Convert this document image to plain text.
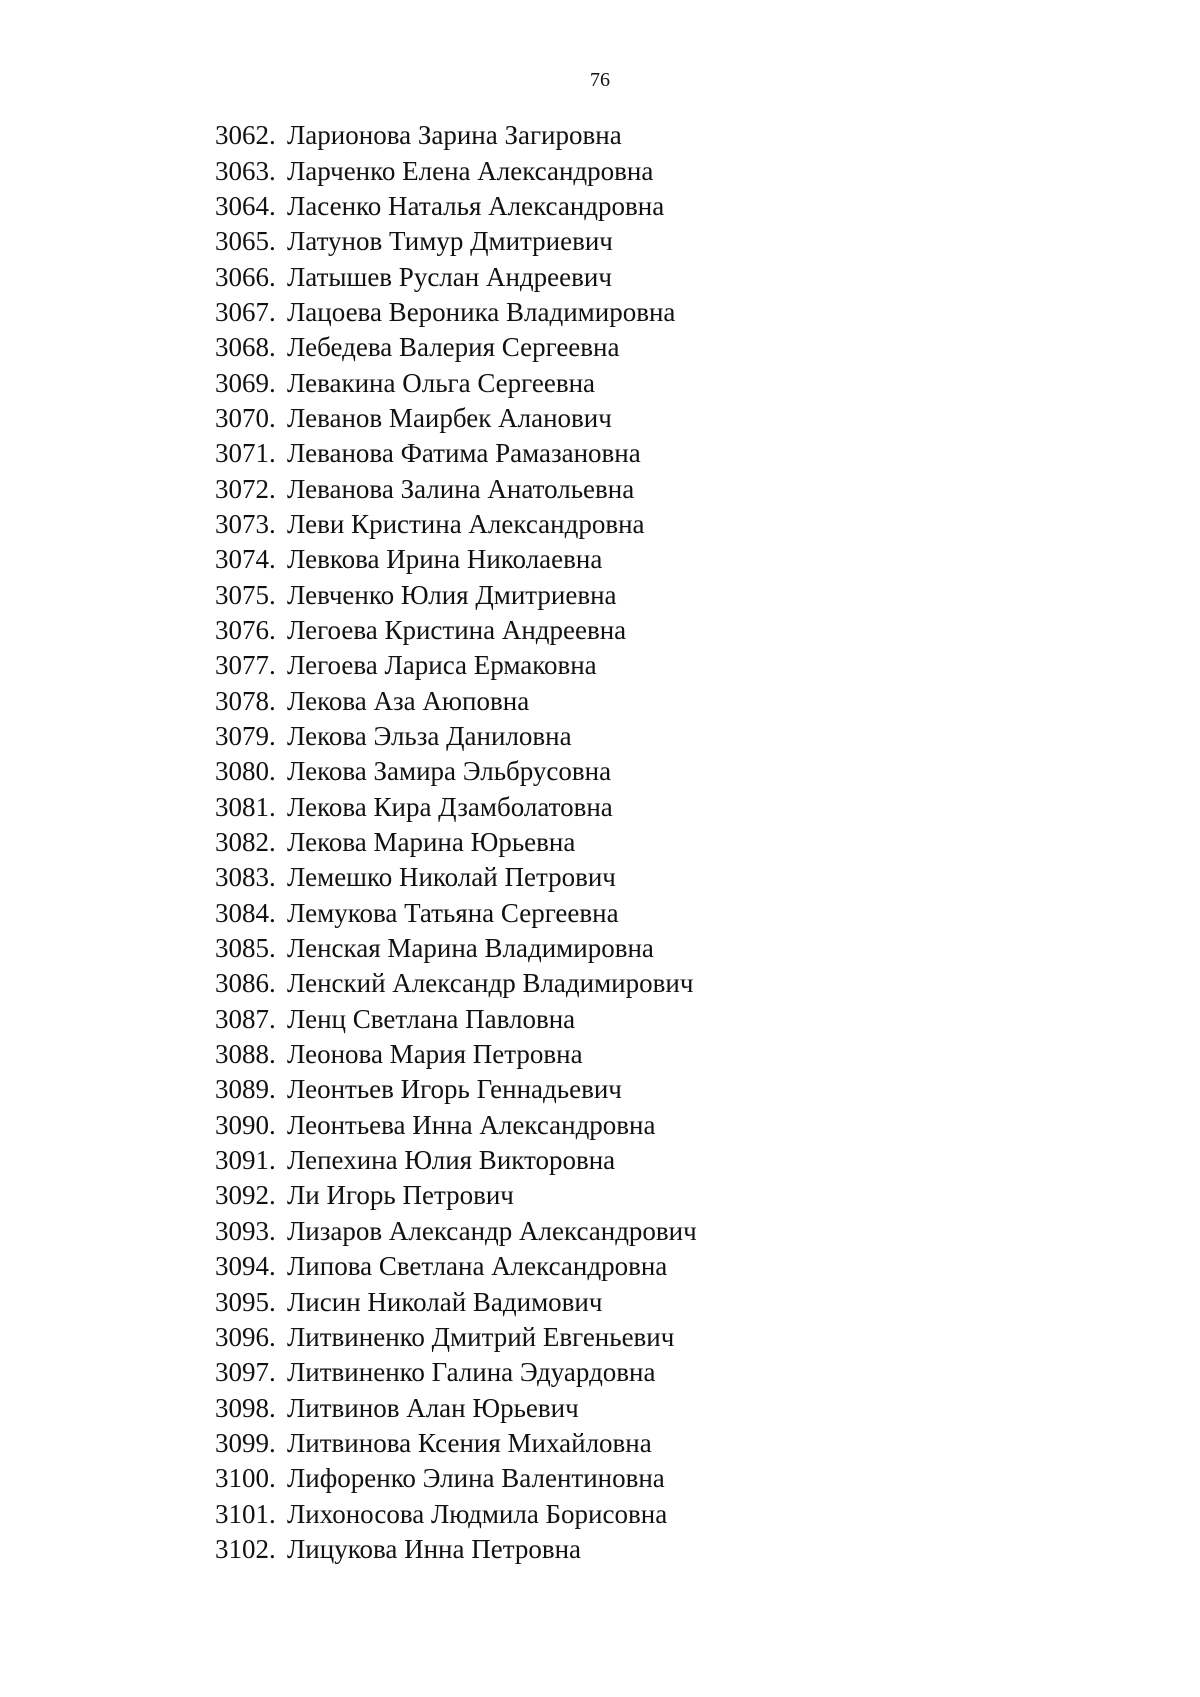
76
3062. Ларионова Зарина Загировна
3063. Ларченко Елена Александровна
3064. Ласенко Наталья Александровна
3065. Латунов Тимур Дмитриевич
3066. Латышев Руслан Андреевич
3067. Лацоева Вероника Владимировна
3068. Лебедева Валерия Сергеевна
3069. Левакина Ольга Сергеевна
3070. Леванов Маирбек Аланович
3071. Леванова Фатима Рамазановна
3072. Леванова Залина Анатольевна
3073. Леви Кристина Александровна
3074. Левкова Ирина Николаевна
3075. Левченко Юлия Дмитриевна
3076. Легоева Кристина Андреевна
3077. Легоева Лариса Ермаковна
3078. Лекова Аза Аюповна
3079. Лекова Эльза Даниловна
3080. Лекова Замира Эльбрусовна
3081. Лекова Кира Дзамболатовна
3082. Лекова Марина Юрьевна
3083. Лемешко Николай Петрович
3084. Лемукова Татьяна Сергеевна
3085. Ленская Марина Владимировна
3086. Ленский Александр Владимирович
3087. Ленц Светлана Павловна
3088. Леонова Мария Петровна
3089. Леонтьев Игорь Геннадьевич
3090. Леонтьева Инна Александровна
3091. Лепехина Юлия Викторовна
3092. Ли Игорь Петрович
3093. Лизаров Александр Александрович
3094. Липова Светлана Александровна
3095. Лисин Николай Вадимович
3096. Литвиненко Дмитрий Евгеньевич
3097. Литвиненко Галина Эдуардовна
3098. Литвинов Алан Юрьевич
3099. Литвинова Ксения Михайловна
3100. Лифоренко Элина Валентиновна
3101. Лихоносова Людмила Борисовна
3102. Лицукова Инна Петровна
